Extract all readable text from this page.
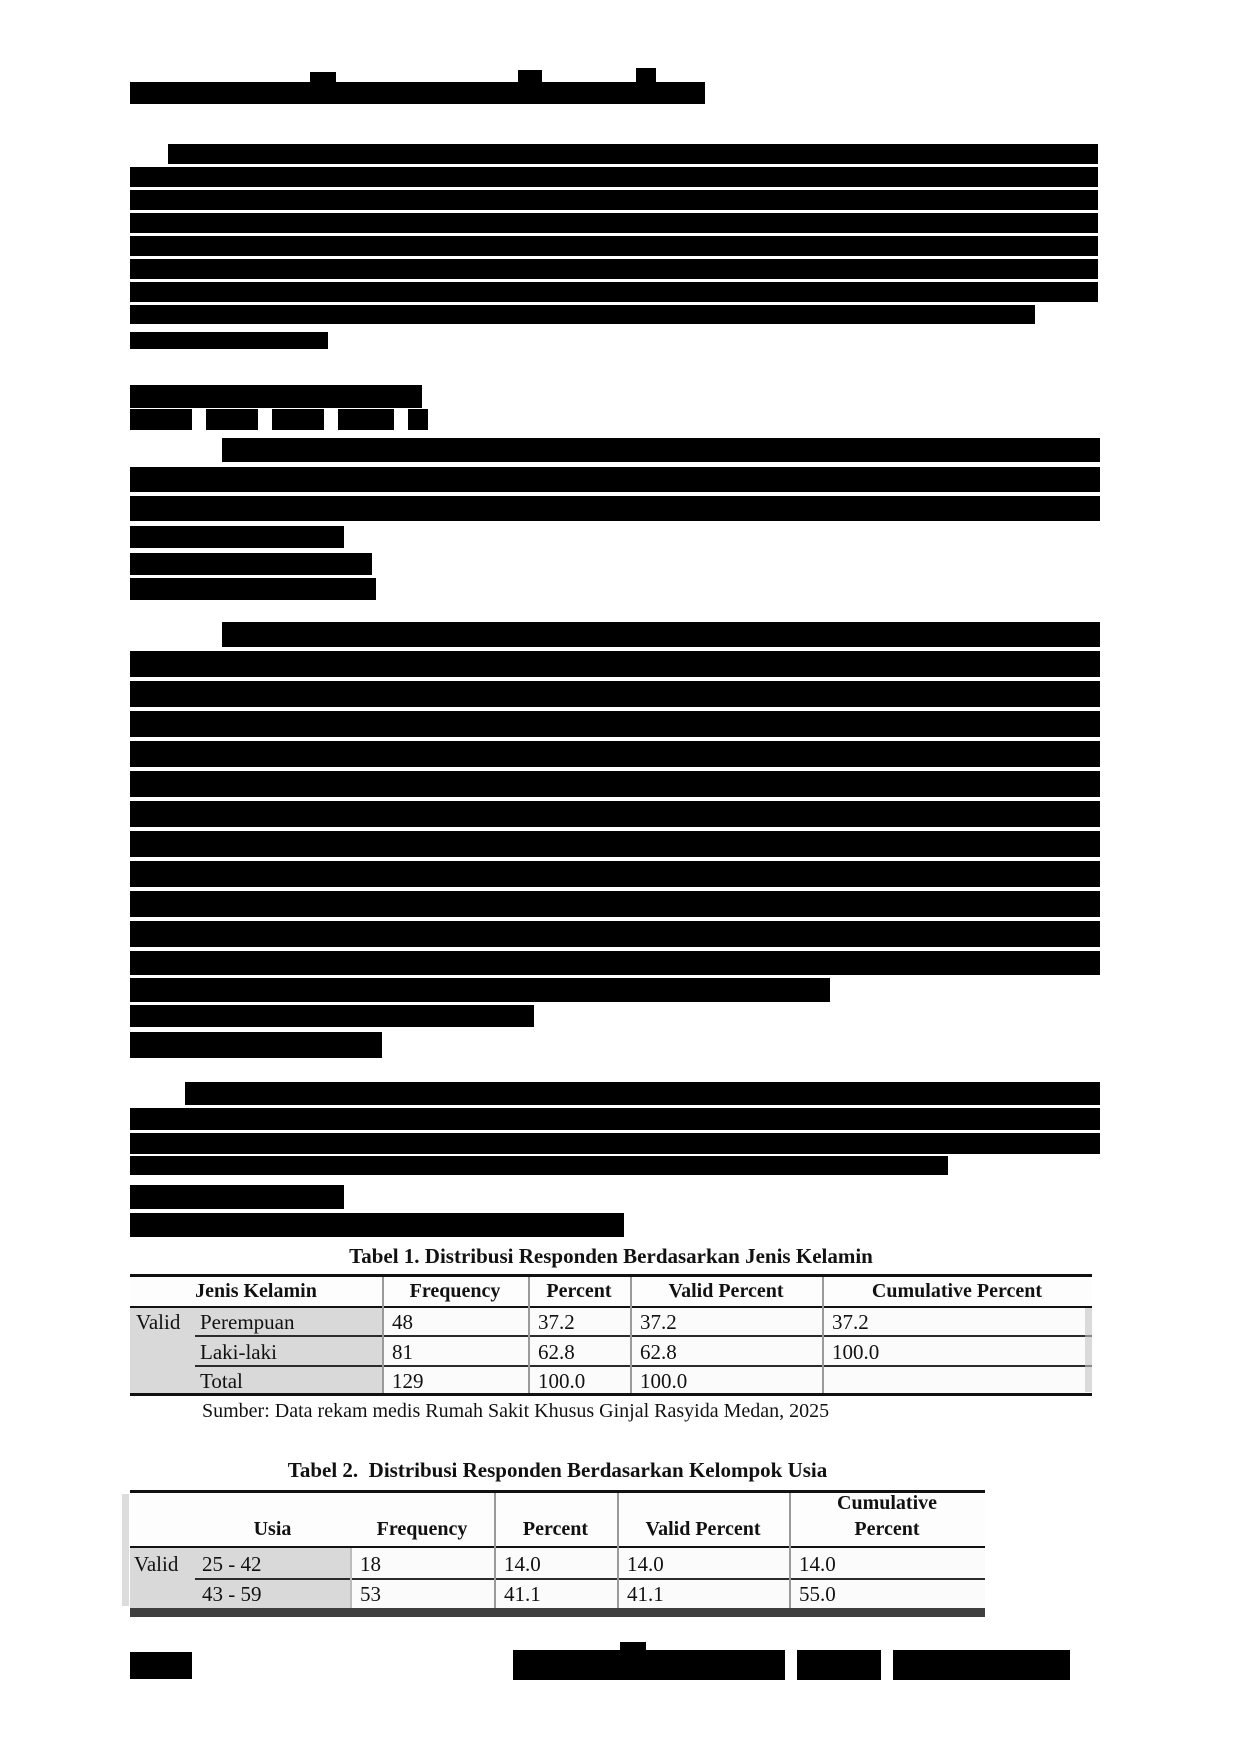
Tabel 1. Distribusi Responden Berdasarkan Jenis Kelamin
Jenis Kelamin	Frequency	Percent	Valid Percent	Cumulative Percent
Valid Perempuan	48	37.2	37.2	37.2
Laki-laki	81	62.8	62.8	100.0
Total	129	100.0	100.0
Sumber: Data rekam medis Rumah Sakit Khusus Ginjal Rasyida Medan, 2025
Tabel 2.  Distribusi Responden Berdasarkan Kelompok Usia
Usia	Frequency	Percent	Valid Percent
Cumulative
Percent
Valid 25 - 42	18	14.0	14.0	14.0
43 - 59	53	41.1	41.1	55.0
